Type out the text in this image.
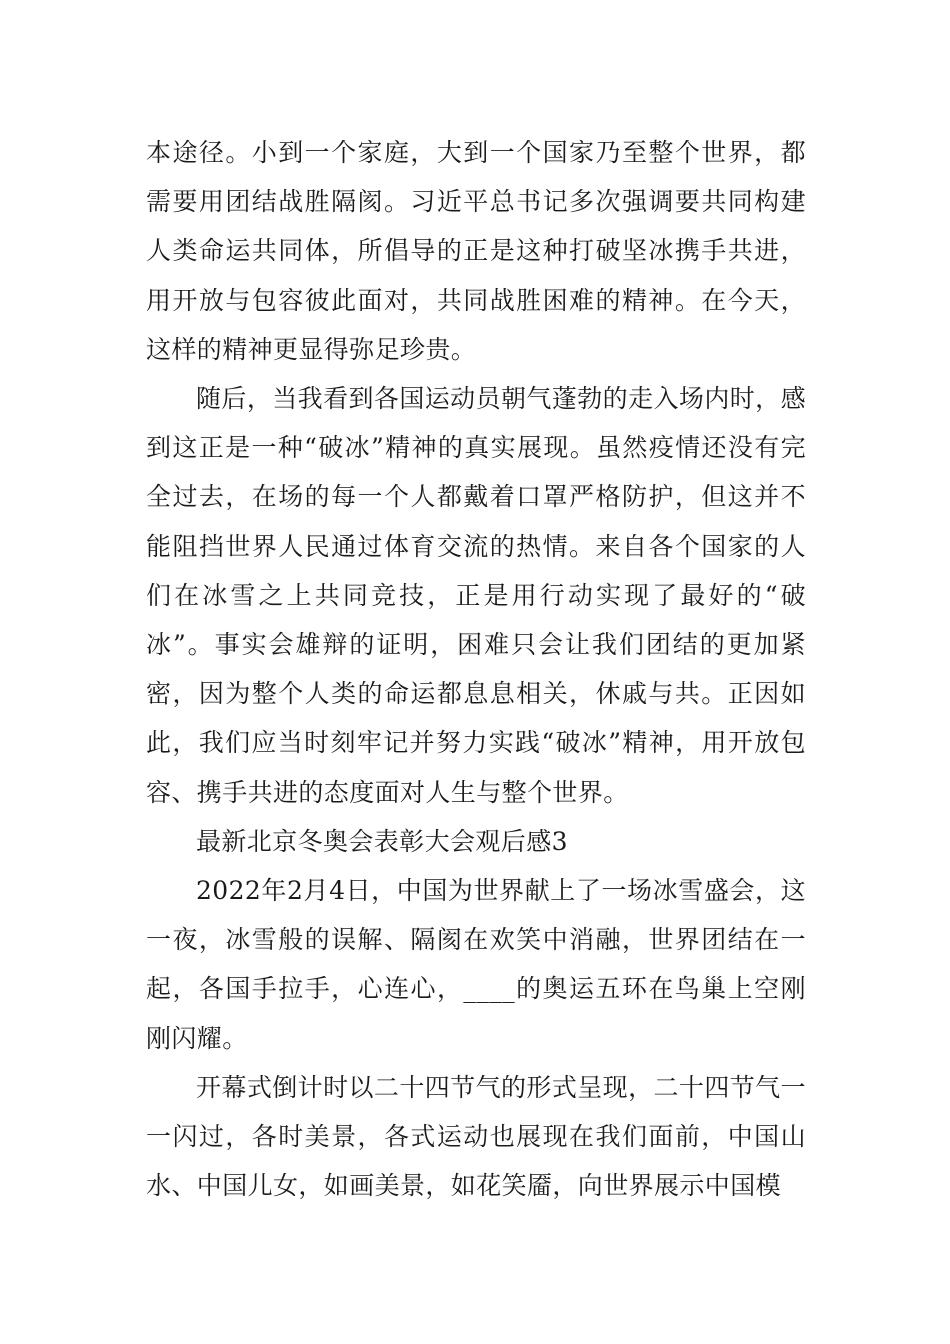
本途径。小到一个家庭，大到一个国家乃至整个世界，都需要用团结战胜隔阂。习近平总书记多次强调要共同构建人类命运共同体，所倡导的正是这种打破坚冰携手共进，用开放与包容彼此面对，共同战胜困难的精神。在今天，这样的精神更显得弥足珍贵。

随后，当我看到各国运动员朝气蓬勃的走入场内时，感到这正是一种“破冰”精神的真实展现。虽然疫情还没有完全过去，在场的每一个人都戴着口罩严格防护，但这并不能阻挡世界人民通过体育交流的热情。来自各个国家的人们在冰雪之上共同竞技，正是用行动实现了最好的“破冰”。事实会雄辩的证明，困难只会让我们团结的更加紧密，因为整个人类的命运都息息相关，休戚与共。正因如此，我们应当时刻牢记并努力实践“破冰”精神，用开放包容、携手共进的态度面对人生与整个世界。

最新北京冬奥会表彰大会观后感3

2022年2月4日，中国为世界献上了一场冰雪盛会，这一夜，冰雪般的误解、隔阂在欢笑中消融，世界团结在一起，各国手拉手，心连心，____的奥运五环在鸟巢上空刚刚闪耀。

开幕式倒计时以二十四节气的形式呈现，二十四节气一一闪过，各时美景，各式运动也展现在我们面前，中国山水、中国儿女，如画美景，如花笑靥，向世界展示中国模
